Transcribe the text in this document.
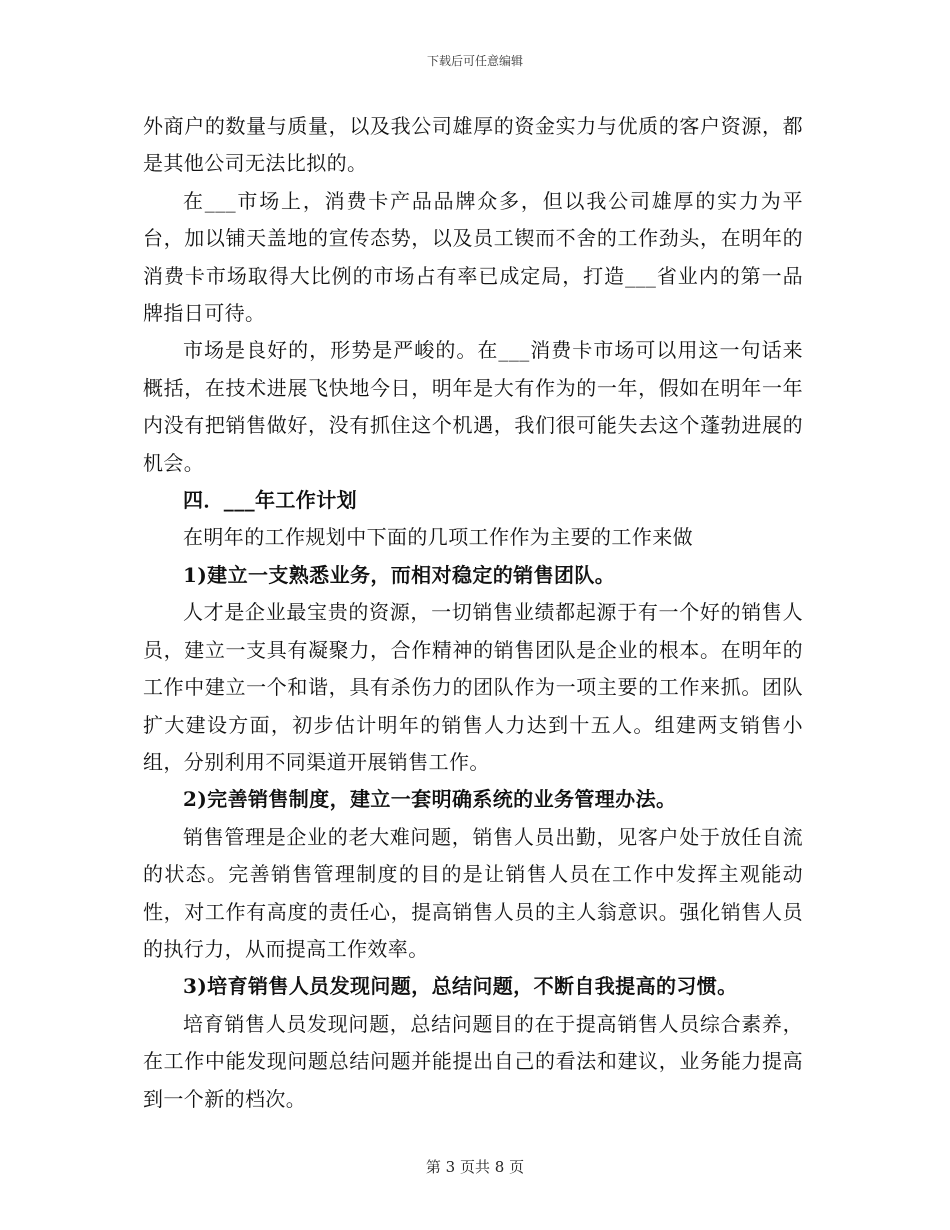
下载后可任意编辑

外商户的数量与质量，以及我公司雄厚的资金实力与优质的客户资源，都是其他公司无法比拟的。

在___市场上，消费卡产品品牌众多，但以我公司雄厚的实力为平台，加以铺天盖地的宣传态势，以及员工锲而不舍的工作劲头，在明年的消费卡市场取得大比例的市场占有率已成定局，打造___省业内的第一品牌指日可待。

市场是良好的，形势是严峻的。在___消费卡市场可以用这一句话来概括，在技术进展飞快地今日，明年是大有作为的一年，假如在明年一年内没有把销售做好，没有抓住这个机遇，我们很可能失去这个蓬勃进展的机会。

四．___年工作计划

在明年的工作规划中下面的几项工作作为主要的工作来做

1)建立一支熟悉业务，而相对稳定的销售团队。

人才是企业最宝贵的资源，一切销售业绩都起源于有一个好的销售人员，建立一支具有凝聚力，合作精神的销售团队是企业的根本。在明年的工作中建立一个和谐，具有杀伤力的团队作为一项主要的工作来抓。团队扩大建设方面，初步估计明年的销售人力达到十五人。组建两支销售小组，分别利用不同渠道开展销售工作。

2)完善销售制度，建立一套明确系统的业务管理办法。

销售管理是企业的老大难问题，销售人员出勤，见客户处于放任自流的状态。完善销售管理制度的目的是让销售人员在工作中发挥主观能动性，对工作有高度的责任心，提高销售人员的主人翁意识。强化销售人员的执行力，从而提高工作效率。

3)培育销售人员发现问题，总结问题，不断自我提高的习惯。

培育销售人员发现问题，总结问题目的在于提高销售人员综合素养，在工作中能发现问题总结问题并能提出自己的看法和建议，业务能力提高到一个新的档次。

第 3 页共 8 页
